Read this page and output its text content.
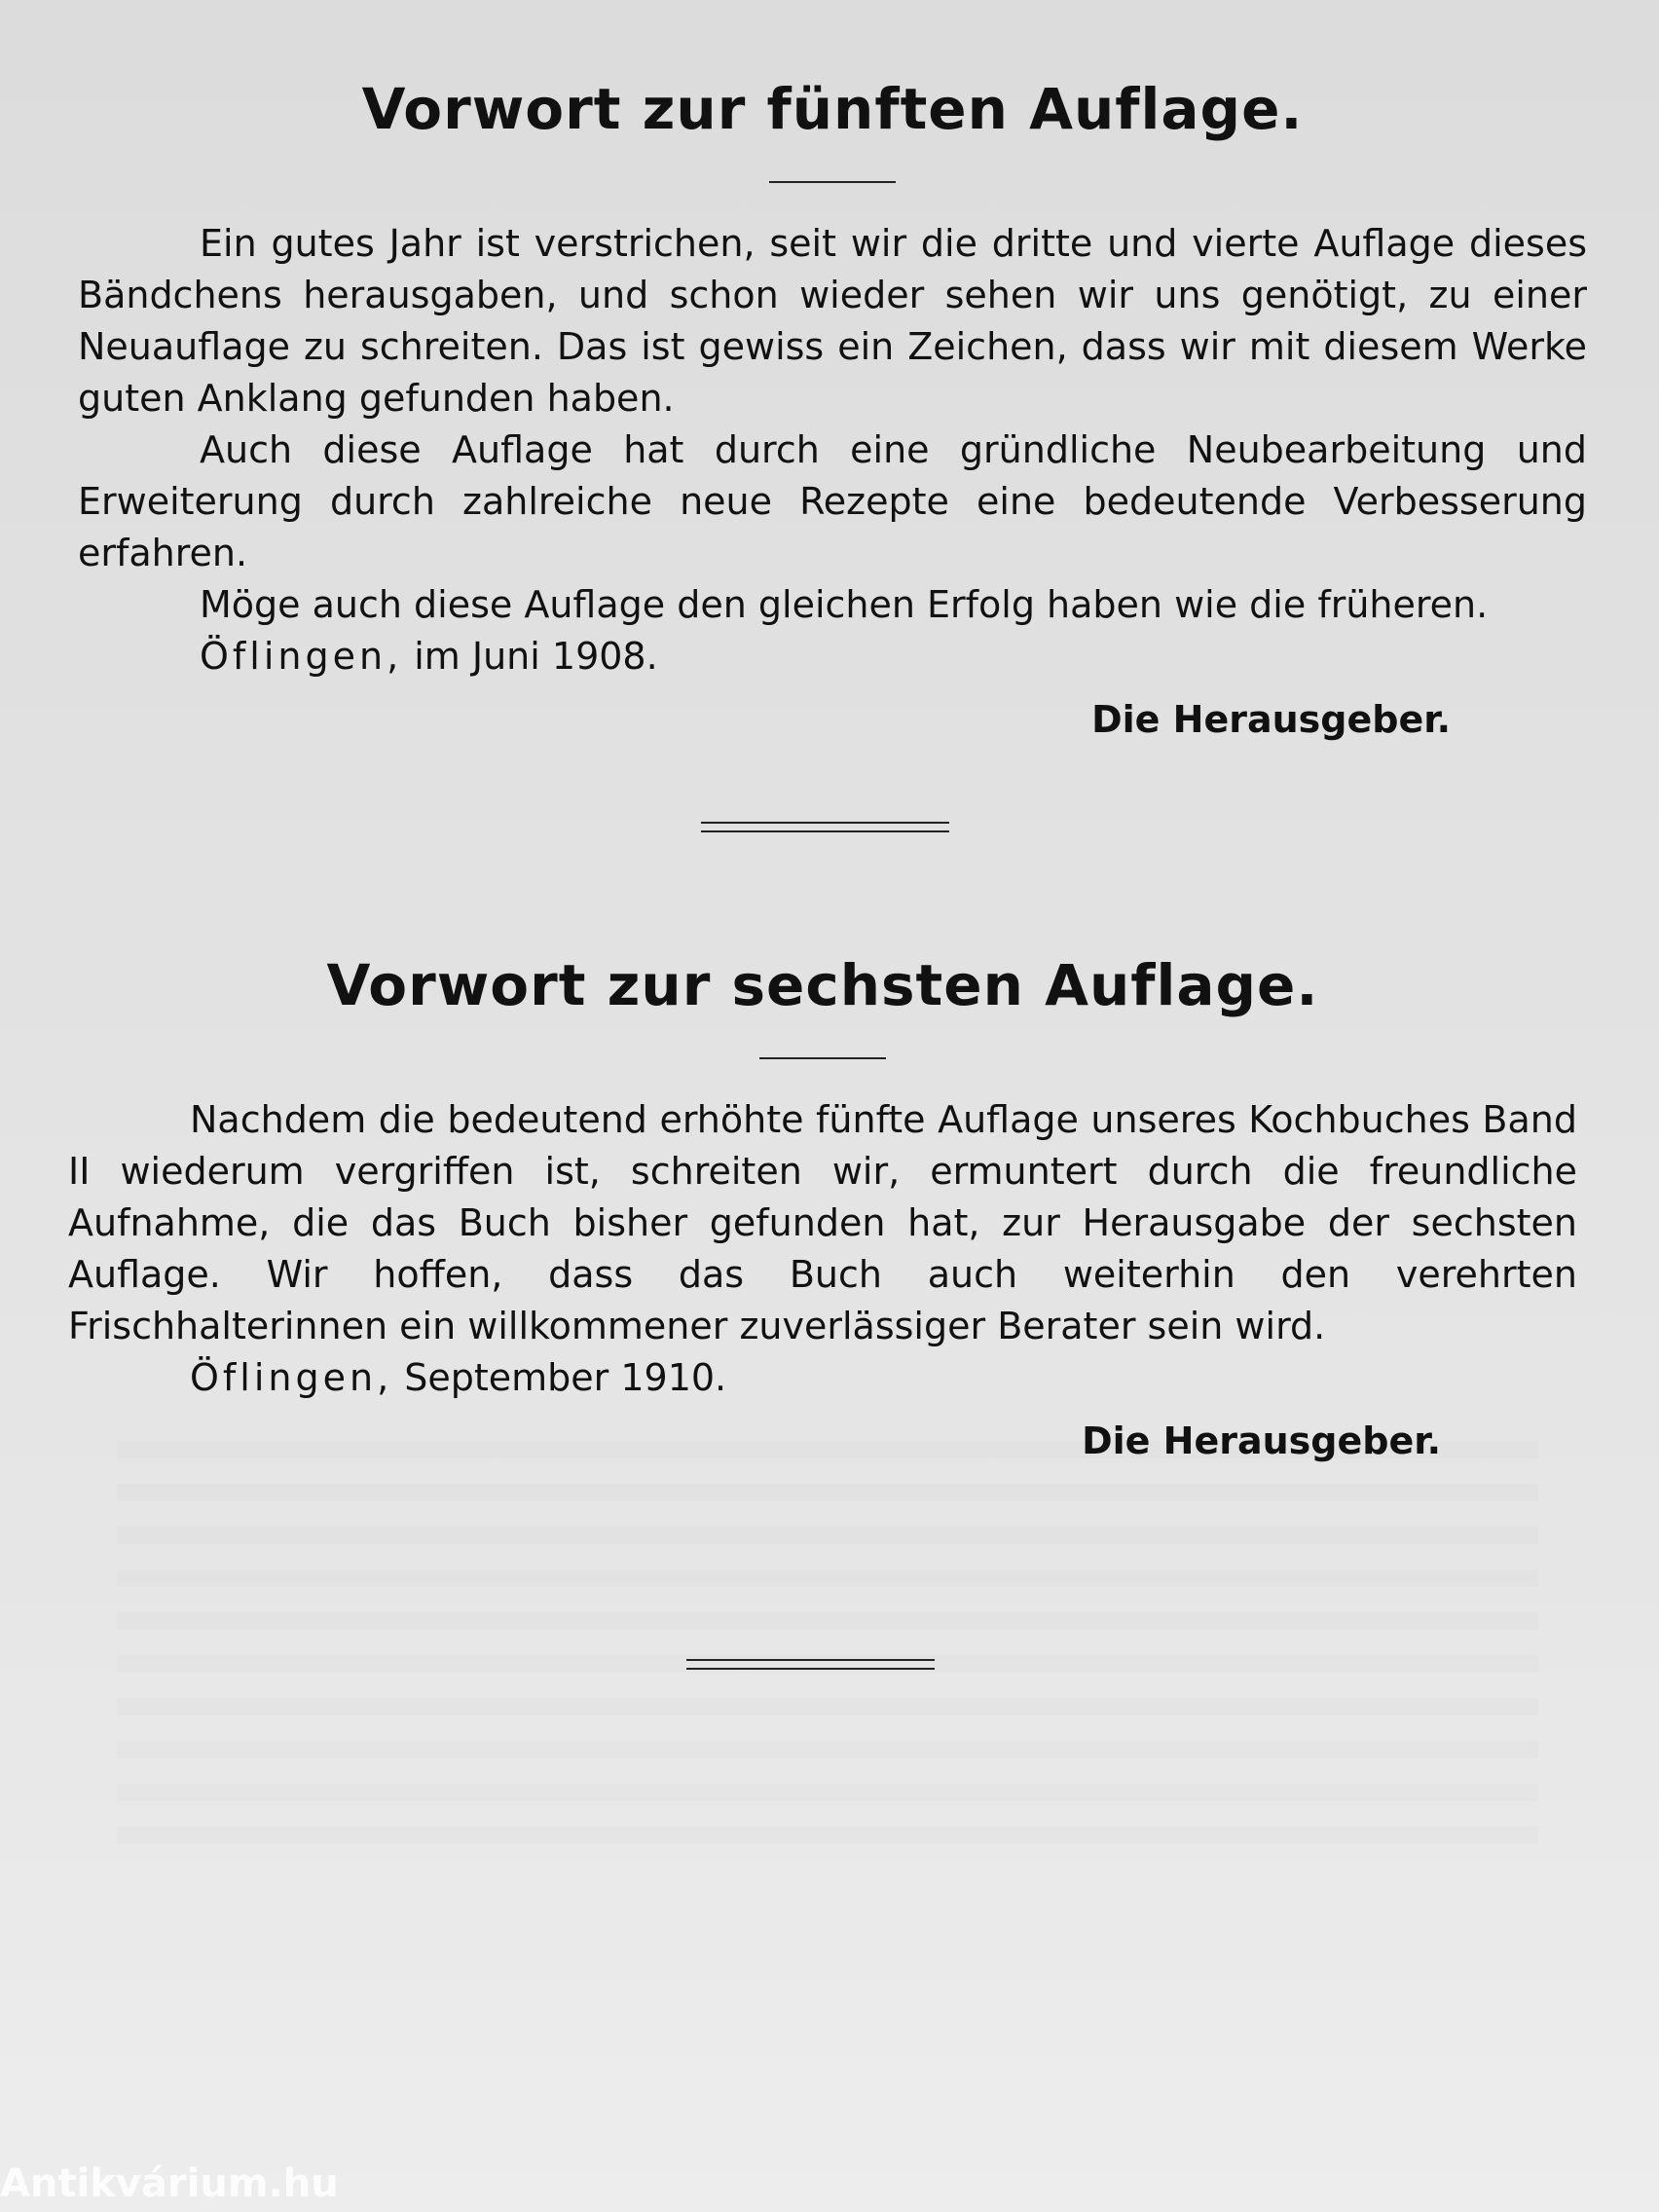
Vorwort zur fünften Auflage.

Ein gutes Jahr ist verstrichen, seit wir die dritte und vierte Auflage dieses Bändchens herausgaben, und schon wieder sehen wir uns genötigt, zu einer Neuauflage zu schreiten. Das ist gewiss ein Zeichen, dass wir mit diesem Werke guten Anklang gefunden haben.

Auch diese Auflage hat durch eine gründliche Neubearbeitung und Erweiterung durch zahlreiche neue Rezepte eine bedeutende Verbesserung erfahren.

Möge auch diese Auflage den gleichen Erfolg haben wie die früheren.

Öflingen, im Juni 1908.

Die Herausgeber.

Vorwort zur sechsten Auflage.

Nachdem die bedeutend erhöhte fünfte Auflage unseres Kochbuches Band II wiederum vergriffen ist, schreiten wir, ermuntert durch die freundliche Aufnahme, die das Buch bisher gefunden hat, zur Herausgabe der sechsten Auflage. Wir hoffen, dass das Buch auch weiterhin den verehrten Frischhalterinnen ein willkommener zuverlässiger Berater sein wird.

Öflingen, September 1910.

Die Herausgeber.

Antikvárium.hu
